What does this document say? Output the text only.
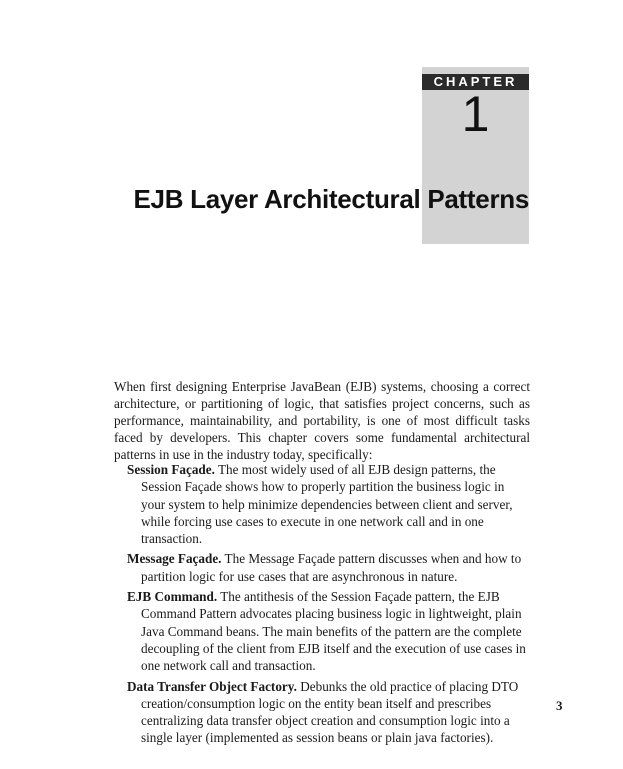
CHAPTER
1
EJB Layer Architectural Patterns

When first designing Enterprise JavaBean (EJB) systems, choosing a correct architecture, or partitioning of logic, that satisfies project concerns, such as performance, maintainability, and portability, is one of most difficult tasks faced by developers. This chapter covers some fundamental architectural patterns in use in the industry today, specifically:

Session Façade. The most widely used of all EJB design patterns, the Session Façade shows how to properly partition the business logic in your system to help minimize dependencies between client and server, while forcing use cases to execute in one network call and in one transaction.

Message Façade. The Message Façade pattern discusses when and how to partition logic for use cases that are asynchronous in nature.

EJB Command. The antithesis of the Session Façade pattern, the EJB Command Pattern advocates placing business logic in lightweight, plain Java Command beans. The main benefits of the pattern are the complete decoupling of the client from EJB itself and the execution of use cases in one network call and transaction.

Data Transfer Object Factory. Debunks the old practice of placing DTO creation/consumption logic on the entity bean itself and prescribes centralizing data transfer object creation and consumption logic into a single layer (implemented as session beans or plain java factories).

3
